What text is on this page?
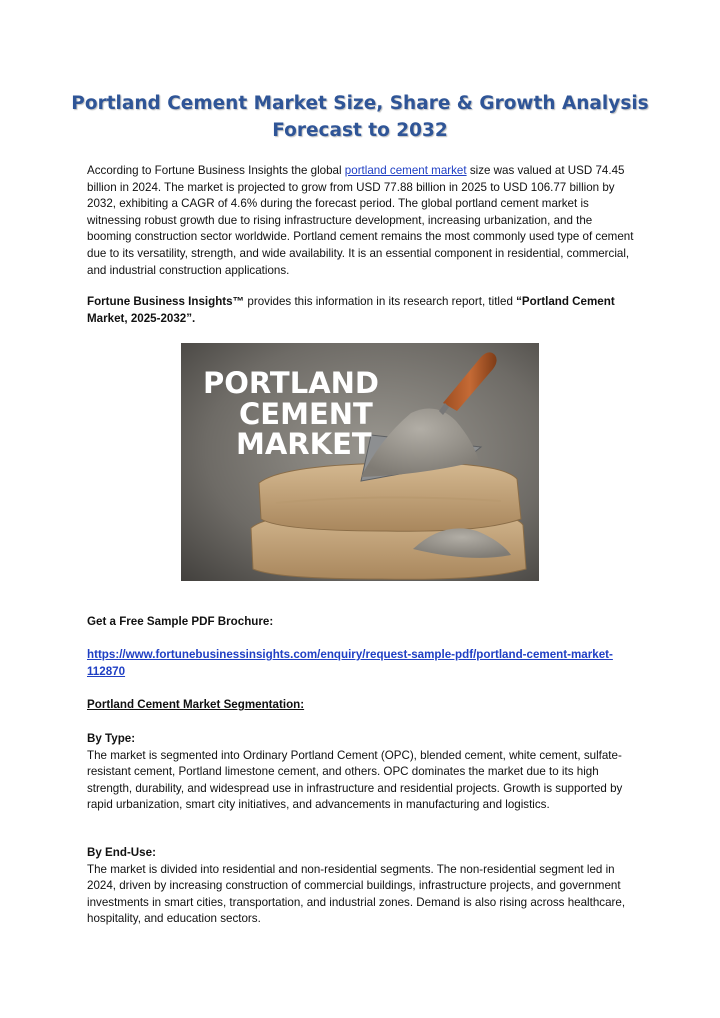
Portland Cement Market Size, Share & Growth Analysis
Forecast to 2032

According to Fortune Business Insights the global portland cement market size was valued at USD 74.45 billion in 2024. The market is projected to grow from USD 77.88 billion in 2025 to USD 106.77 billion by 2032, exhibiting a CAGR of 4.6% during the forecast period. The global portland cement market is witnessing robust growth due to rising infrastructure development, increasing urbanization, and the booming construction sector worldwide. Portland cement remains the most commonly used type of cement due to its versatility, strength, and wide availability. It is an essential component in residential, commercial, and industrial construction applications.

Fortune Business Insights™ provides this information in its research report, titled “Portland Cement Market, 2025-2032”.

PORTLAND
CEMENT
MARKET
Get a Free Sample PDF Brochure:
https://www.fortunebusinessinsights.com/enquiry/request-sample-pdf/portland-cement-market-
112870
Portland Cement Market Segmentation:

By Type:

The market is segmented into Ordinary Portland Cement (OPC), blended cement, white cement, sulfate-resistant cement, Portland limestone cement, and others. OPC dominates the market due to its high strength, durability, and widespread use in infrastructure and residential projects. Growth is supported by rapid urbanization, smart city initiatives, and advancements in manufacturing and logistics.

By End-Use:

The market is divided into residential and non-residential segments. The non-residential segment led in 2024, driven by increasing construction of commercial buildings, infrastructure projects, and government investments in smart cities, transportation, and industrial zones. Demand is also rising across healthcare, hospitality, and education sectors.
